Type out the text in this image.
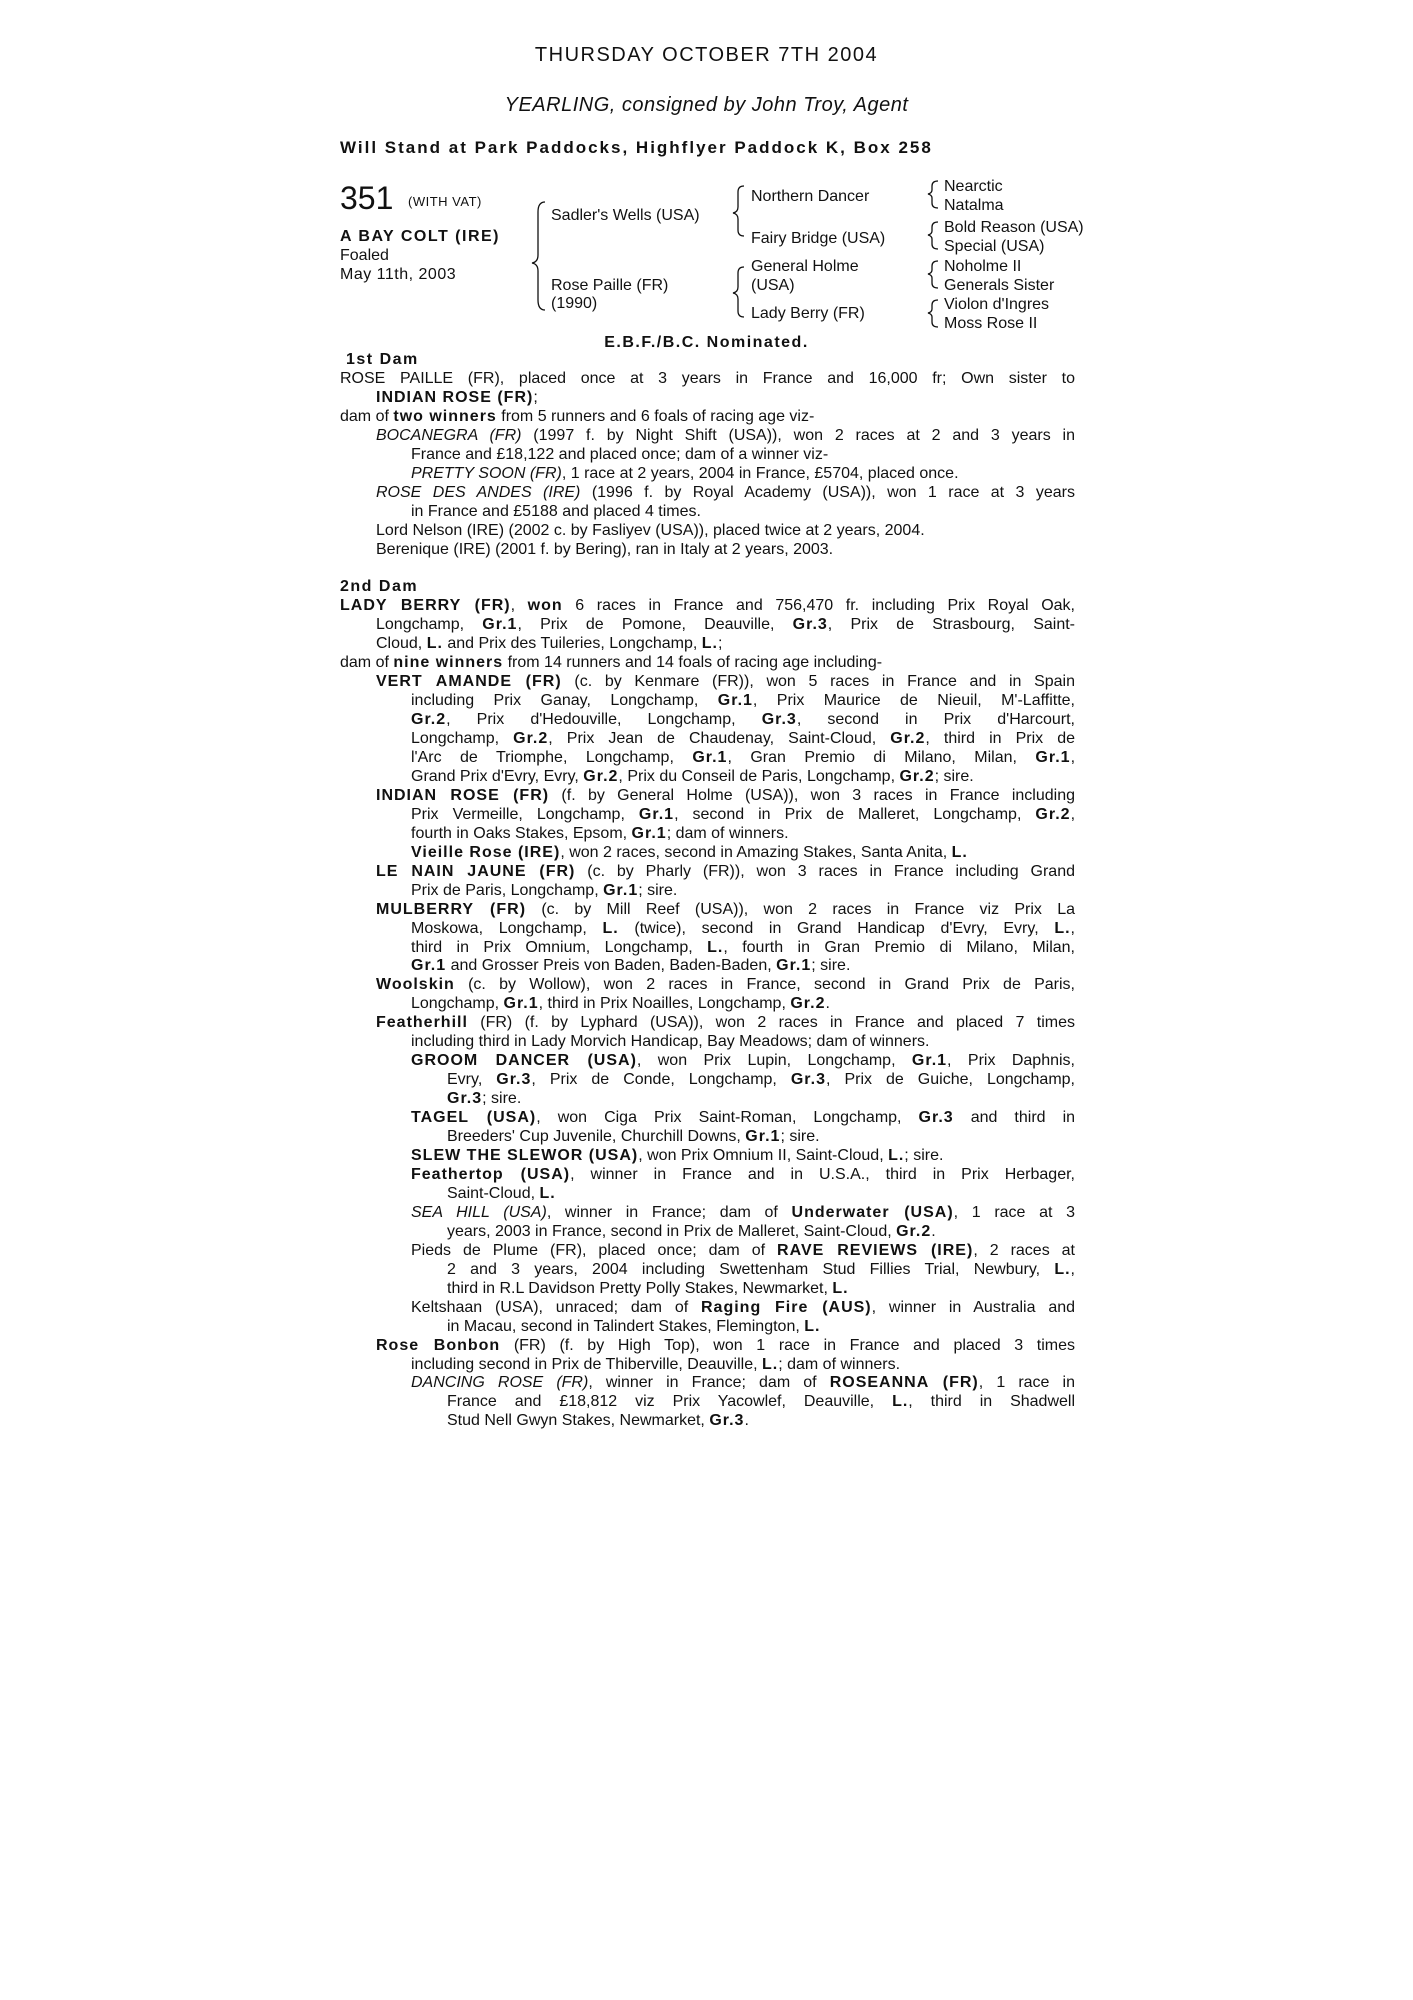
THURSDAY OCTOBER 7TH 2004
YEARLING, consigned by John Troy, Agent
Will Stand at Park Paddocks, Highflyer Paddock K, Box 258
351 (WITH VAT)
A BAY COLT (IRE)
Foaled
May 11th, 2003
Sadler's Wells (USA)
Rose Paille (FR)
(1990)
Northern Dancer
Fairy Bridge (USA)
General Holme
(USA)
Lady Berry (FR)
Nearctic
Natalma
Bold Reason (USA)
Special (USA)
Noholme II
Generals Sister
Violon d'Ingres
Moss Rose II
E.B.F./B.C. Nominated.
1st Dam
ROSE PAILLE (FR), placed once at 3 years in France and 16,000 fr; Own sister to
INDIAN ROSE (FR);
dam of two winners from 5 runners and 6 foals of racing age viz-
BOCANEGRA (FR) (1997 f. by Night Shift (USA)), won 2 races at 2 and 3 years in
France and £18,122 and placed once; dam of a winner viz-
PRETTY SOON (FR), 1 race at 2 years, 2004 in France, £5704, placed once.
ROSE DES ANDES (IRE) (1996 f. by Royal Academy (USA)), won 1 race at 3 years
in France and £5188 and placed 4 times.
Lord Nelson (IRE) (2002 c. by Fasliyev (USA)), placed twice at 2 years, 2004.
Berenique (IRE) (2001 f. by Bering), ran in Italy at 2 years, 2003.
2nd Dam
LADY BERRY (FR), won 6 races in France and 756,470 fr. including Prix Royal Oak,
Longchamp, Gr.1, Prix de Pomone, Deauville, Gr.3, Prix de Strasbourg, Saint-
Cloud, L. and Prix des Tuileries, Longchamp, L.;
dam of nine winners from 14 runners and 14 foals of racing age including-
VERT AMANDE (FR) (c. by Kenmare (FR)), won 5 races in France and in Spain
including Prix Ganay, Longchamp, Gr.1, Prix Maurice de Nieuil, M'-Laffitte,
Gr.2, Prix d'Hedouville, Longchamp, Gr.3, second in Prix d'Harcourt,
Longchamp, Gr.2, Prix Jean de Chaudenay, Saint-Cloud, Gr.2, third in Prix de
l'Arc de Triomphe, Longchamp, Gr.1, Gran Premio di Milano, Milan, Gr.1,
Grand Prix d'Evry, Evry, Gr.2, Prix du Conseil de Paris, Longchamp, Gr.2; sire.
INDIAN ROSE (FR) (f. by General Holme (USA)), won 3 races in France including
Prix Vermeille, Longchamp, Gr.1, second in Prix de Malleret, Longchamp, Gr.2,
fourth in Oaks Stakes, Epsom, Gr.1; dam of winners.
Vieille Rose (IRE), won 2 races, second in Amazing Stakes, Santa Anita, L.
LE NAIN JAUNE (FR) (c. by Pharly (FR)), won 3 races in France including Grand
Prix de Paris, Longchamp, Gr.1; sire.
MULBERRY (FR) (c. by Mill Reef (USA)), won 2 races in France viz Prix La
Moskowa, Longchamp, L. (twice), second in Grand Handicap d'Evry, Evry, L.,
third in Prix Omnium, Longchamp, L., fourth in Gran Premio di Milano, Milan,
Gr.1 and Grosser Preis von Baden, Baden-Baden, Gr.1; sire.
Woolskin (c. by Wollow), won 2 races in France, second in Grand Prix de Paris,
Longchamp, Gr.1, third in Prix Noailles, Longchamp, Gr.2.
Featherhill (FR) (f. by Lyphard (USA)), won 2 races in France and placed 7 times
including third in Lady Morvich Handicap, Bay Meadows; dam of winners.
GROOM DANCER (USA), won Prix Lupin, Longchamp, Gr.1, Prix Daphnis,
Evry, Gr.3, Prix de Conde, Longchamp, Gr.3, Prix de Guiche, Longchamp,
Gr.3; sire.
TAGEL (USA), won Ciga Prix Saint-Roman, Longchamp, Gr.3 and third in
Breeders' Cup Juvenile, Churchill Downs, Gr.1; sire.
SLEW THE SLEWOR (USA), won Prix Omnium II, Saint-Cloud, L.; sire.
Feathertop (USA), winner in France and in U.S.A., third in Prix Herbager,
Saint-Cloud, L.
SEA HILL (USA), winner in France; dam of Underwater (USA), 1 race at 3
years, 2003 in France, second in Prix de Malleret, Saint-Cloud, Gr.2.
Pieds de Plume (FR), placed once; dam of RAVE REVIEWS (IRE), 2 races at
2 and 3 years, 2004 including Swettenham Stud Fillies Trial, Newbury, L.,
third in R.L Davidson Pretty Polly Stakes, Newmarket, L.
Keltshaan (USA), unraced; dam of Raging Fire (AUS), winner in Australia and
in Macau, second in Talindert Stakes, Flemington, L.
Rose Bonbon (FR) (f. by High Top), won 1 race in France and placed 3 times
including second in Prix de Thiberville, Deauville, L.; dam of winners.
DANCING ROSE (FR), winner in France; dam of ROSEANNA (FR), 1 race in
France and £18,812 viz Prix Yacowlef, Deauville, L., third in Shadwell
Stud Nell Gwyn Stakes, Newmarket, Gr.3.
